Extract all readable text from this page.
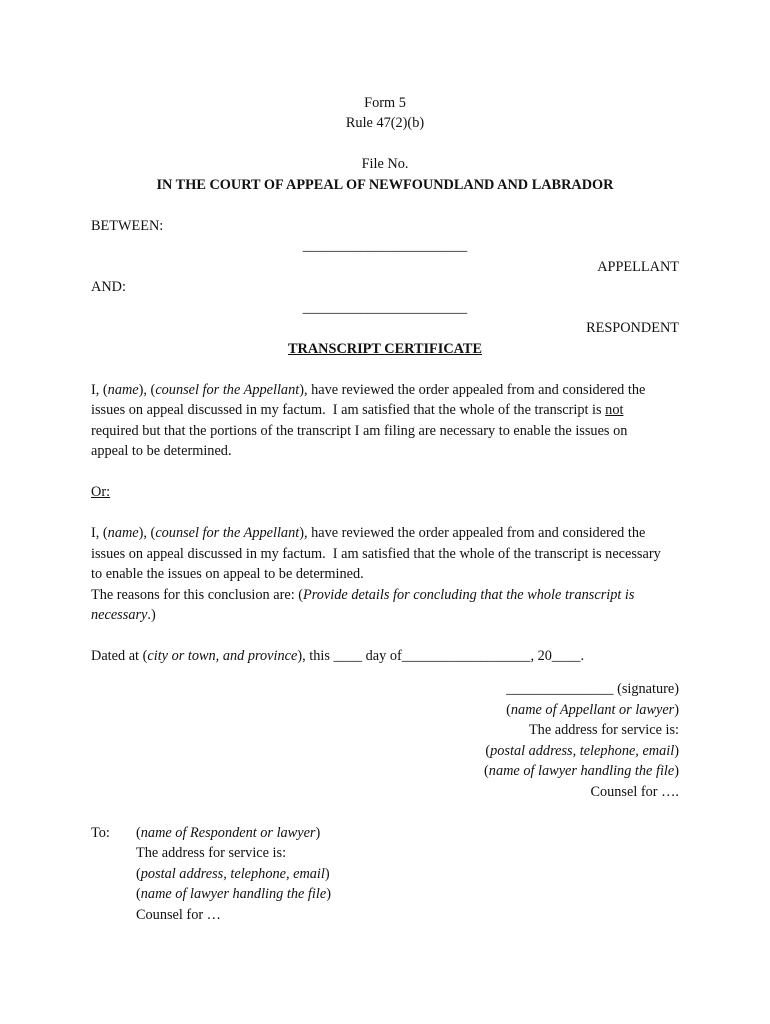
Form 5
Rule 47(2)(b)
File No.
IN THE COURT OF APPEAL OF NEWFOUNDLAND AND LABRADOR
BETWEEN:
_______________________
APPELLANT
AND:
_______________________
RESPONDENT
TRANSCRIPT CERTIFICATE
I, (name), (counsel for the Appellant), have reviewed the order appealed from and considered the
issues on appeal discussed in my factum.  I am satisfied that the whole of the transcript is not
required but that the portions of the transcript I am filing are necessary to enable the issues on
appeal to be determined.
Or:
I, (name), (counsel for the Appellant), have reviewed the order appealed from and considered the
issues on appeal discussed in my factum.  I am satisfied that the whole of the transcript is necessary
to enable the issues on appeal to be determined.
The reasons for this conclusion are: (Provide details for concluding that the whole transcript is
necessary.)
Dated at (city or town, and province), this ____ day of__________________, 20____.
_______________ (signature)
(name of Appellant or lawyer)
The address for service is:
(postal address, telephone, email)
(name of lawyer handling the file)
Counsel for ….
To: (name of Respondent or lawyer)
The address for service is:
(postal address, telephone, email)
(name of lawyer handling the file)
Counsel for …
